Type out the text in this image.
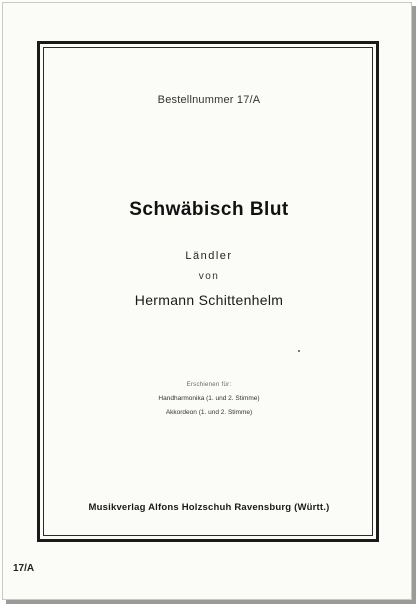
Bestellnummer 17/A
Schwäbisch Blut
Ländler
von
Hermann Schittenhelm
Erschienen für:
Handharmonika (1. und 2. Stimme)
Akkordeon (1. und 2. Stimme)
Musikverlag Alfons Holzschuh Ravensburg (Württ.)
17/A
